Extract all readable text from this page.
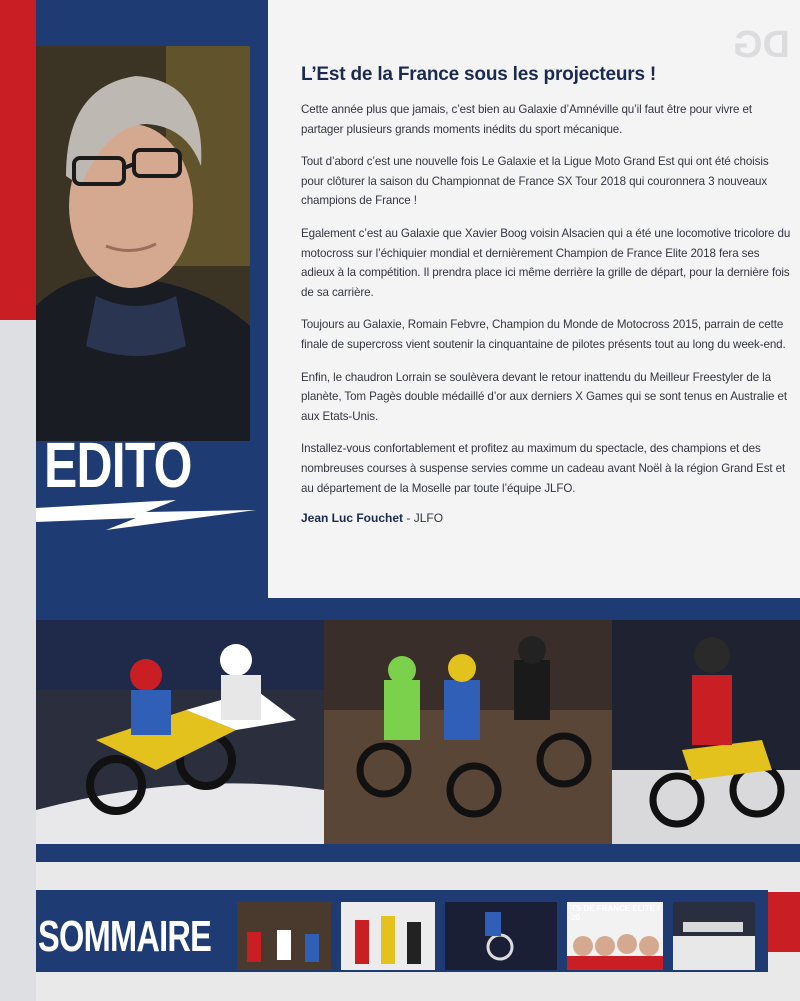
EDITO
DG
L’Est de la France sous les projecteurs !

Cette année plus que jamais, c’est bien au Galaxie d’Amnéville qu’il faut être pour vivre et partager plusieurs grands moments inédits du sport mécanique.

Tout d’abord c’est une nouvelle fois Le Galaxie et la Ligue Moto Grand Est qui ont été choisis pour clôturer la saison du Championnat de France SX Tour 2018 qui couronnera 3 nouveaux champions de France !

Egalement c’est au Galaxie que Xavier Boog voisin Alsacien qui a été une locomotive tricolore du motocross sur l’échiquier mondial et dernièrement Champion de France Elite 2018 fera ses adieux à la compétition. Il prendra place ici même derrière la grille de départ, pour la dernière fois de sa carrière.

Toujours au Galaxie, Romain Febvre, Champion du Monde de Motocross 2015, parrain de cette finale de supercross vient soutenir la cinquantaine de pilotes présents tout au long du week-end.

Enfin, le chaudron Lorrain se soulèvera devant le retour inattendu du Meilleur Freestyler de la planète, Tom Pagès double médaillé d’or aux derniers X Games qui se sont tenus en Australie et aux Etats-Unis.

Installez-vous confortablement et profitez au maximum du spectacle, des champions et des nombreuses courses à suspense servies comme un cadeau avant Noël à la région Grand Est et au département de la Moselle par toute l’équipe JLFO.

Jean Luc Fouchet - JLFO
SOMMAIRE
TS DE FRANCE ELITE / 20
